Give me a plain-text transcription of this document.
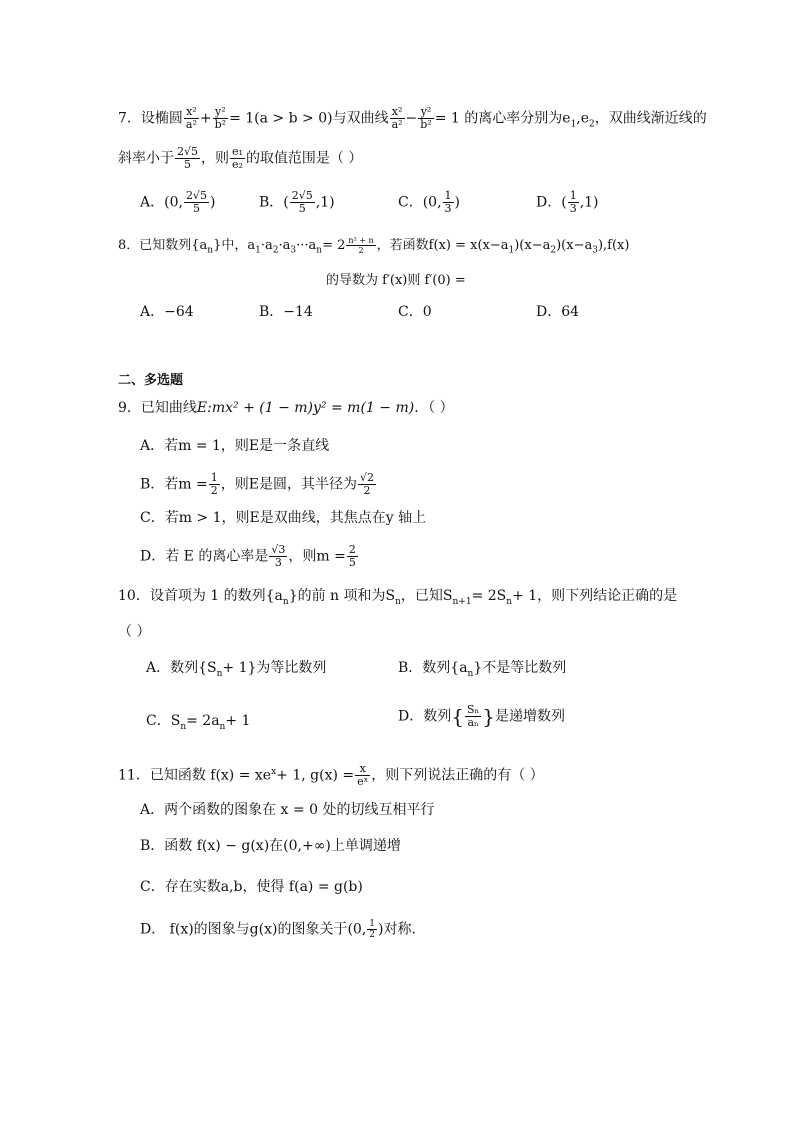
7．设椭圆 $\frac{\text{x²}}{\text{a²}} + \frac{\text{y²}}{\text{b²}} = 1(a > b > 0)$与双曲线 $\frac{\text{x²}}{\text{a²}} - \frac{\text{y²}}{\text{b²}} = 1$ 的离心率分别为$e_1,e_2$，双曲线渐近线的
斜率小于 $\frac{2√5}{5}$ ，则 $\frac{\text{e₁}}{\text{e₂}}$ 的取值范围是（ ）
A．(0, $\frac{2√5}{5}$ )	B．( $\frac{2√5}{5} ,1$)	C．(0, $\frac{1}{3}$ )	D．( $\frac{1}{3} ,1$)
8．已知数列$\{a_n\}$中，$a_1\cdot a_2\cdot a_3\cdot\cdot\cdot a_n= 2 \frac{\text{n² + n}}{2}$ ，若函数$f(x) = x(x-a_1)(x-a_2)(x-a_3),f(x)$
的导数为 f′(x)则 f′(0) =
A．−64	B．−14	C．0	D．64
二、多选题
9．已知曲线E:mx² + (1 − m)y² = m(1 − m)．（ ）
A．若m = 1，则E是一条直线
B．若$m = \frac{1}{2}$ ，则E是圆，其半径为 $\frac{√2}{2}$
C．若m > 1，则E是双曲线，其焦点在y 轴上
D．若 E 的离心率是 $\frac{√3}{3}$ ，则$m = \frac{2}{5}$
10．设首项为 1 的数列$\{a_n\}$的前 n 项和为$S_n$，已知$S_{n+1}= 2S_n+ 1$，则下列结论正确的是
（ ）
A．数列$\{S_n+ 1\}$为等比数列	B．数列$\{a_n\}$不是等比数列
C．$S_n= 2a_n+ 1$	D．数列{ $\frac{\text{Sₙ}}{\text{aₙ}}$ }是递增数列
11．已知函数 $f(x) = xe^x+ 1$, $g(x) = \frac{x}{\text{eˣ}}$ ，则下列说法正确的有（ ）
A．两个函数的图象在 x = 0 处的切线互相平行
B．函数 f(x) − g(x)在(0,+∞)上单调递增
C．存在实数a,b，使得 f(a) = g(b)
D． f(x)的图象与g(x)的图象关于(0, $\frac{1}{2}$ )对称.
